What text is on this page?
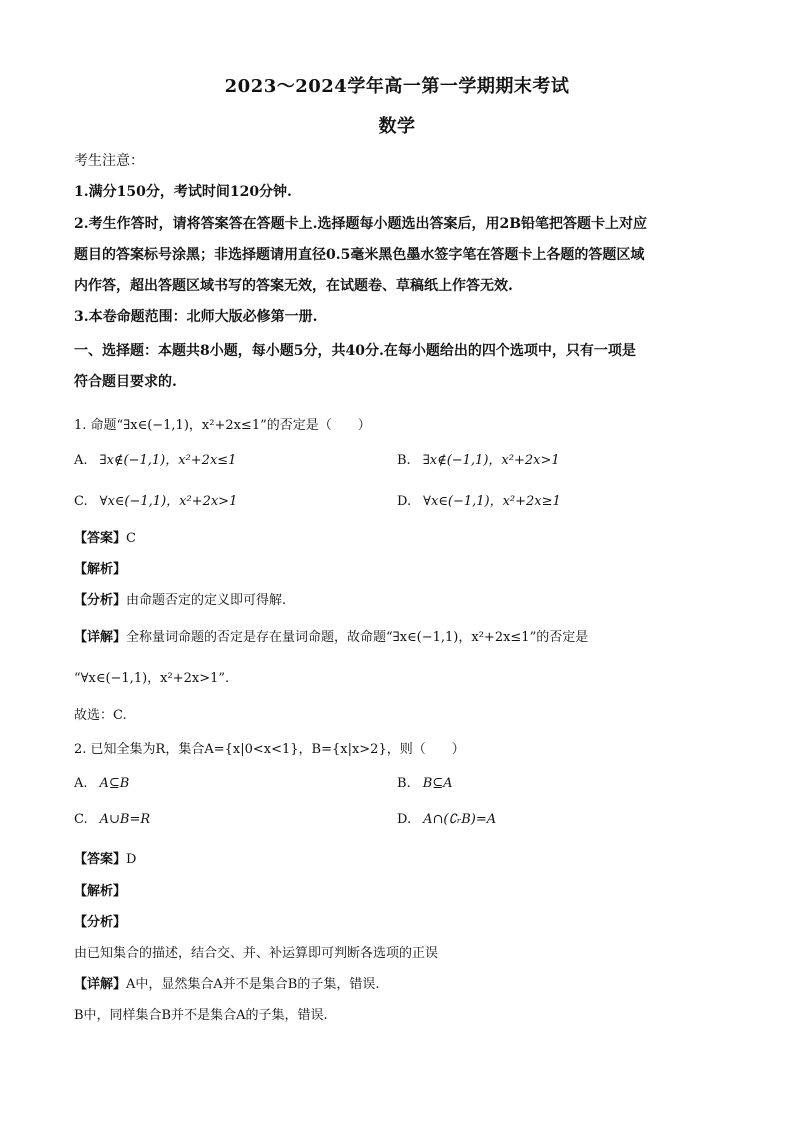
2023～2024学年高一第一学期期末考试
数学
考生注意：
1.满分150分，考试时间120分钟.
2.考生作答时，请将答案答在答题卡上.选择题每小题选出答案后，用2B铅笔把答题卡上对应
题目的答案标号涂黑；非选择题请用直径0.5毫米黑色墨水签字笔在答题卡上各题的答题区域
内作答，超出答题区域书写的答案无效，在试题卷、草稿纸上作答无效.
3.本卷命题范围：北师大版必修第一册.
一、选择题：本题共8小题，每小题5分，共40分.在每小题给出的四个选项中，只有一项是
符合题目要求的.
1. 命题“∃x∈(−1,1)，x²+2x≤1”的否定是（　　）
A. ∃x∉(−1,1)，x²+2x≤1	B. ∃x∉(−1,1)，x²+2x>1
C. ∀x∈(−1,1)，x²+2x>1	D. ∀x∈(−1,1)，x²+2x≥1
【答案】C
【解析】
【分析】由命题否定的定义即可得解.
【详解】全称量词命题的否定是存在量词命题，故命题“∃x∈(−1,1)，x²+2x≤1”的否定是
“∀x∈(−1,1)，x²+2x>1”.
故选：C.
2. 已知全集为R，集合A={x|0<x<1}，B={x|x>2}，则（　　）
A. A⊆B	B. B⊆A
C. A∪B=R	D. A∩(∁ᵣB)=A
【答案】D
【解析】
【分析】
由已知集合的描述，结合交、并、补运算即可判断各选项的正误
【详解】A中，显然集合A并不是集合B的子集，错误.
B中，同样集合B并不是集合A的子集，错误.
